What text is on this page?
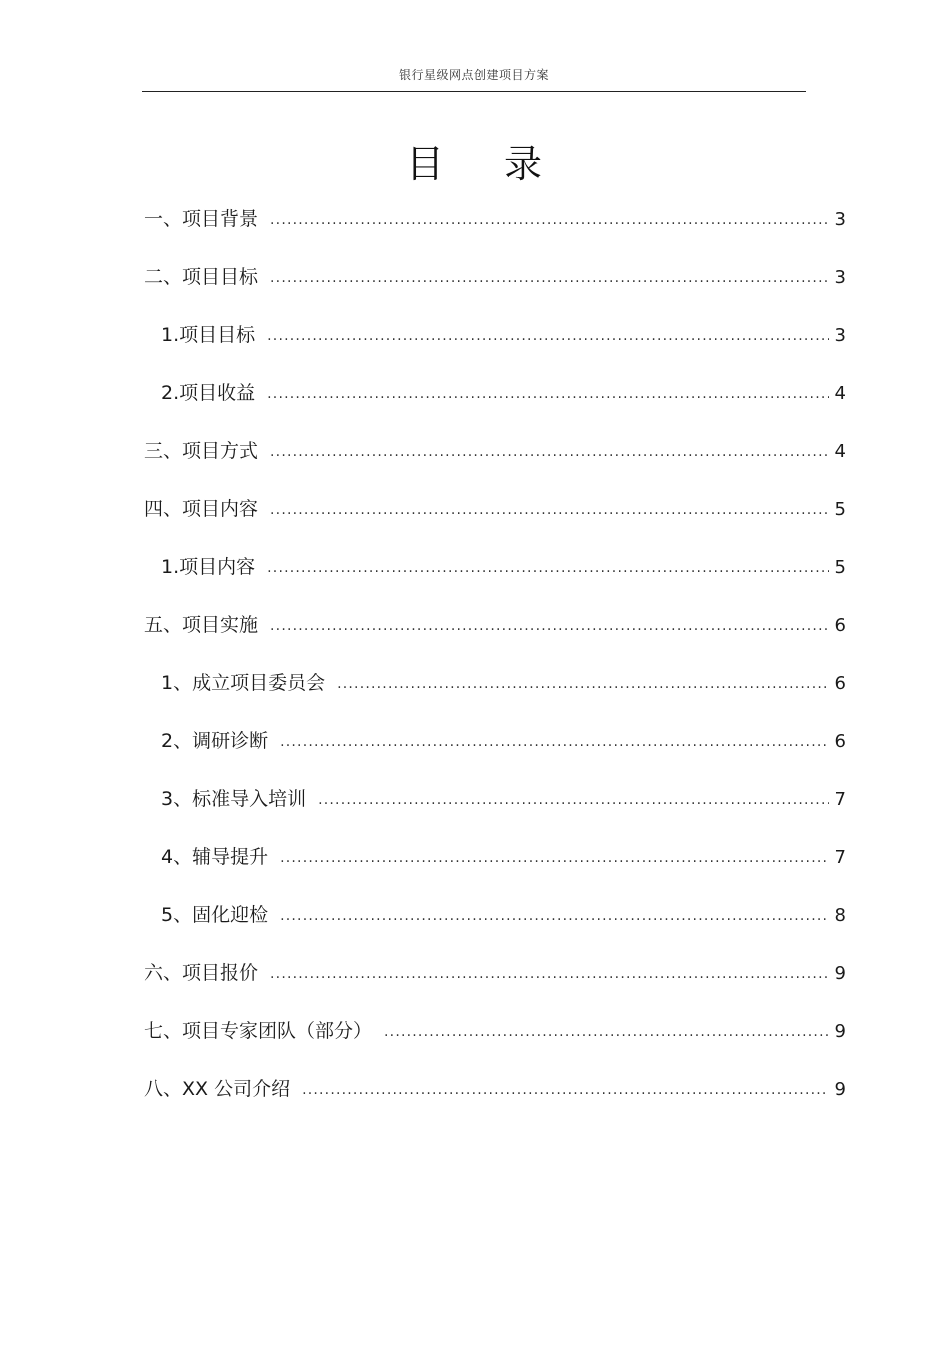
银行星级网点创建项目方案
目 录
一、项目背景 .....	3
二、项目目标 .....	3
1.项目目标 .....	3
2.项目收益 .....	4
三、项目方式 .....	4
四、项目内容 .....	5
1.项目内容 .....	5
五、项目实施 .....	6
1、成立项目委员会 .....	6
2、调研诊断 .....	6
3、标准导入培训 .....	7
4、辅导提升 .....	7
5、固化迎检 .....	8
六、项目报价 .....	9
七、项目专家团队（部分） .....	9
八、XX 公司介绍 .....	9
